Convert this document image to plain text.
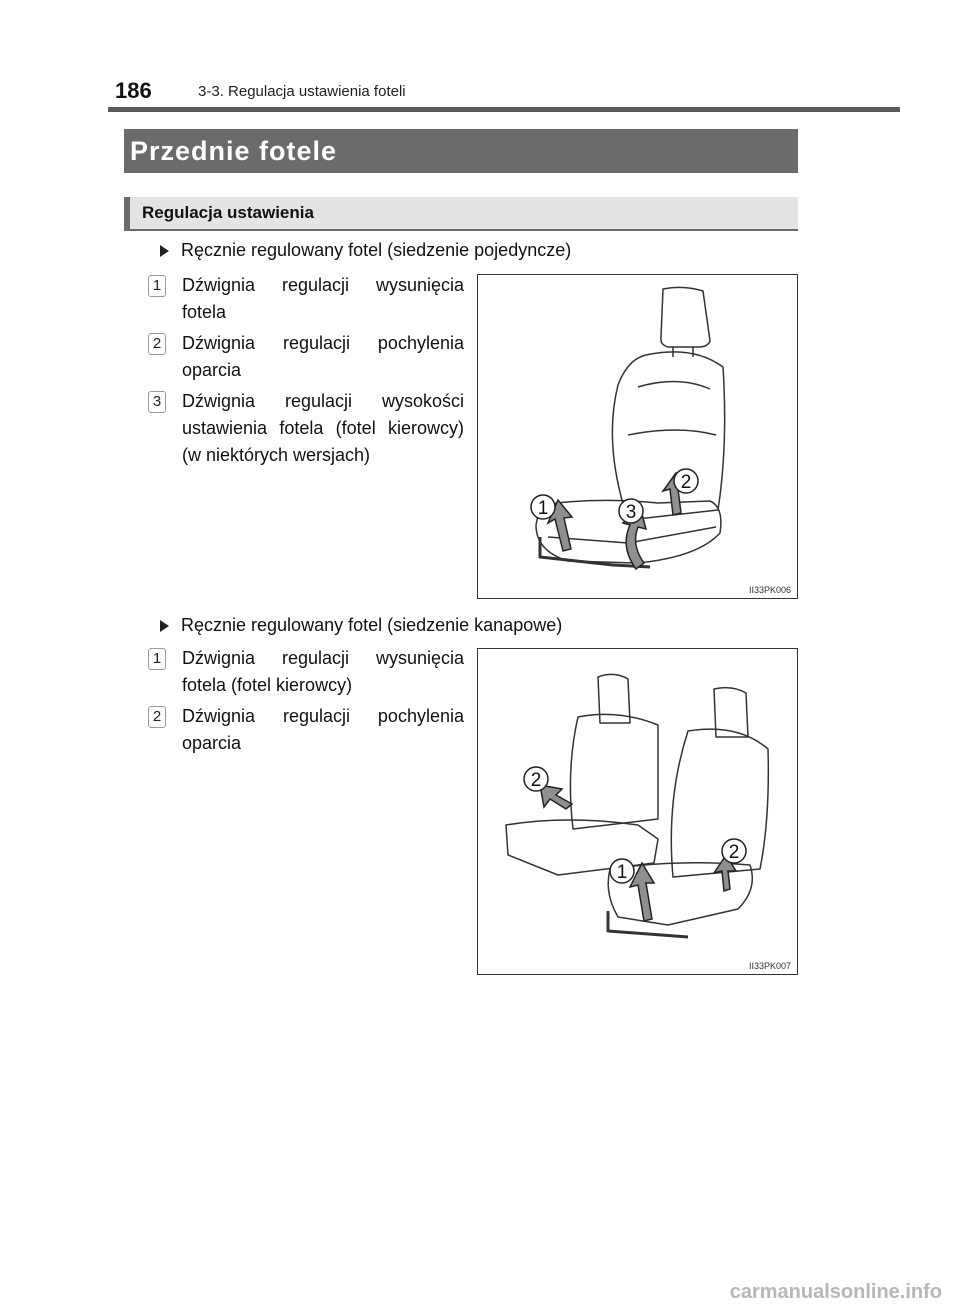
186	3-3. Regulacja ustawienia foteli
Przednie fotele
Regulacja ustawienia
Ręcznie regulowany fotel (siedzenie pojedyncze)
1 Dźwignia regulacji wysunięcia fotela
2 Dźwignia regulacji pochylenia oparcia
3 Dźwignia regulacji wysokości ustawienia fotela (fotel kierowcy) (w niektórych wersjach)
1
2
3
II33PK006
Ręcznie regulowany fotel (siedzenie kanapowe)
1 Dźwignia regulacji wysunięcia fotela (fotel kierowcy)
2 Dźwignia regulacji pochylenia oparcia
2
2
1
II33PK007
carmanualsonline.info
